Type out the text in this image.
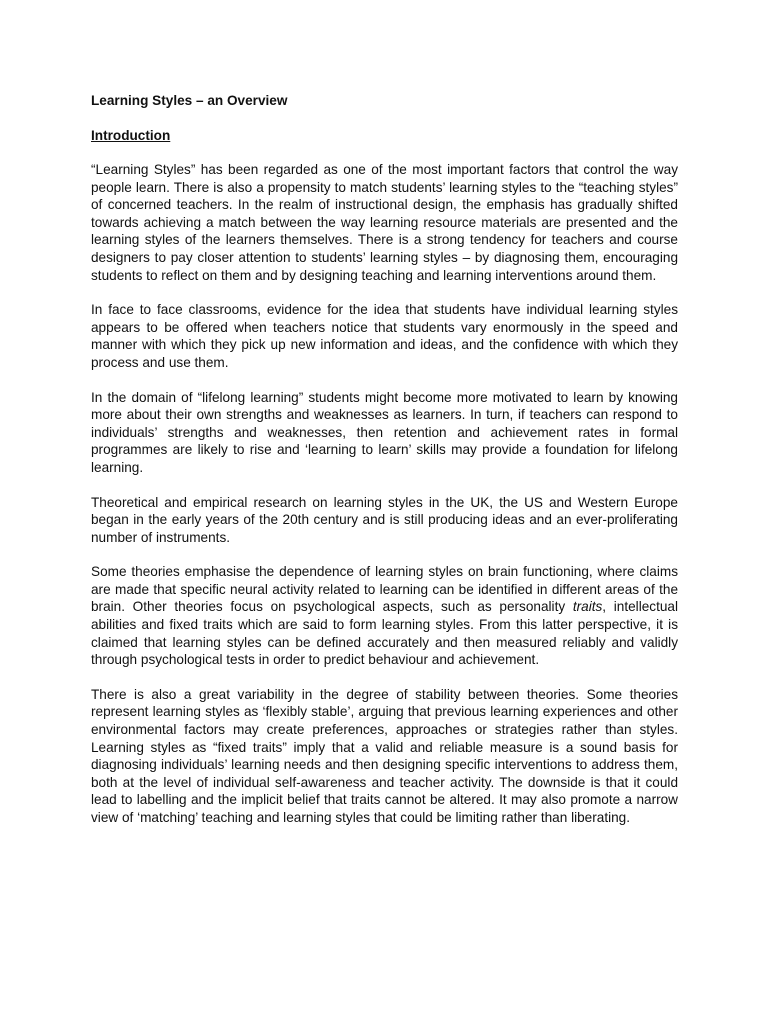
Learning Styles – an Overview
Introduction

“Learning Styles” has been regarded as one of the most important factors that control the way people learn. There is also a propensity to match students’ learning styles to the “teaching styles” of concerned teachers. In the realm of instructional design, the emphasis has gradually shifted towards achieving a match between the way learning resource materials are presented and the learning styles of the learners themselves. There is a strong tendency for teachers and course designers to pay closer attention to students’ learning styles – by diagnosing them, encouraging students to reflect on them and by designing teaching and learning interventions around them.

In face to face classrooms, evidence for the idea that students have individual learning styles appears to be offered when teachers notice that students vary enormously in the speed and manner with which they pick up new information and ideas, and the confidence with which they process and use them.

In the domain of “lifelong learning” students might become more motivated to learn by knowing more about their own strengths and weaknesses as learners. In turn, if teachers can respond to individuals’ strengths and weaknesses, then retention and achievement rates in formal programmes are likely to rise and ‘learning to learn’ skills may provide a foundation for lifelong learning.

Theoretical and empirical research on learning styles in the UK, the US and Western Europe began in the early years of the 20th century and is still producing ideas and an ever-proliferating number of instruments.

Some theories emphasise the dependence of learning styles on brain functioning, where claims are made that specific neural activity related to learning can be identified in different areas of the brain. Other theories focus on psychological aspects, such as personality traits, intellectual abilities and fixed traits which are said to form learning styles. From this latter perspective, it is claimed that learning styles can be defined accurately and then measured reliably and validly through psychological tests in order to predict behaviour and achievement.

There is also a great variability in the degree of stability between theories. Some theories represent learning styles as ‘flexibly stable’, arguing that previous learning experiences and other environmental factors may create preferences, approaches or strategies rather than styles. Learning styles as “fixed traits” imply that a valid and reliable measure is a sound basis for diagnosing individuals’ learning needs and then designing specific interventions to address them, both at the level of individual self-awareness and teacher activity. The downside is that it could lead to labelling and the implicit belief that traits cannot be altered. It may also promote a narrow view of ‘matching’ teaching and learning styles that could be limiting rather than liberating.
